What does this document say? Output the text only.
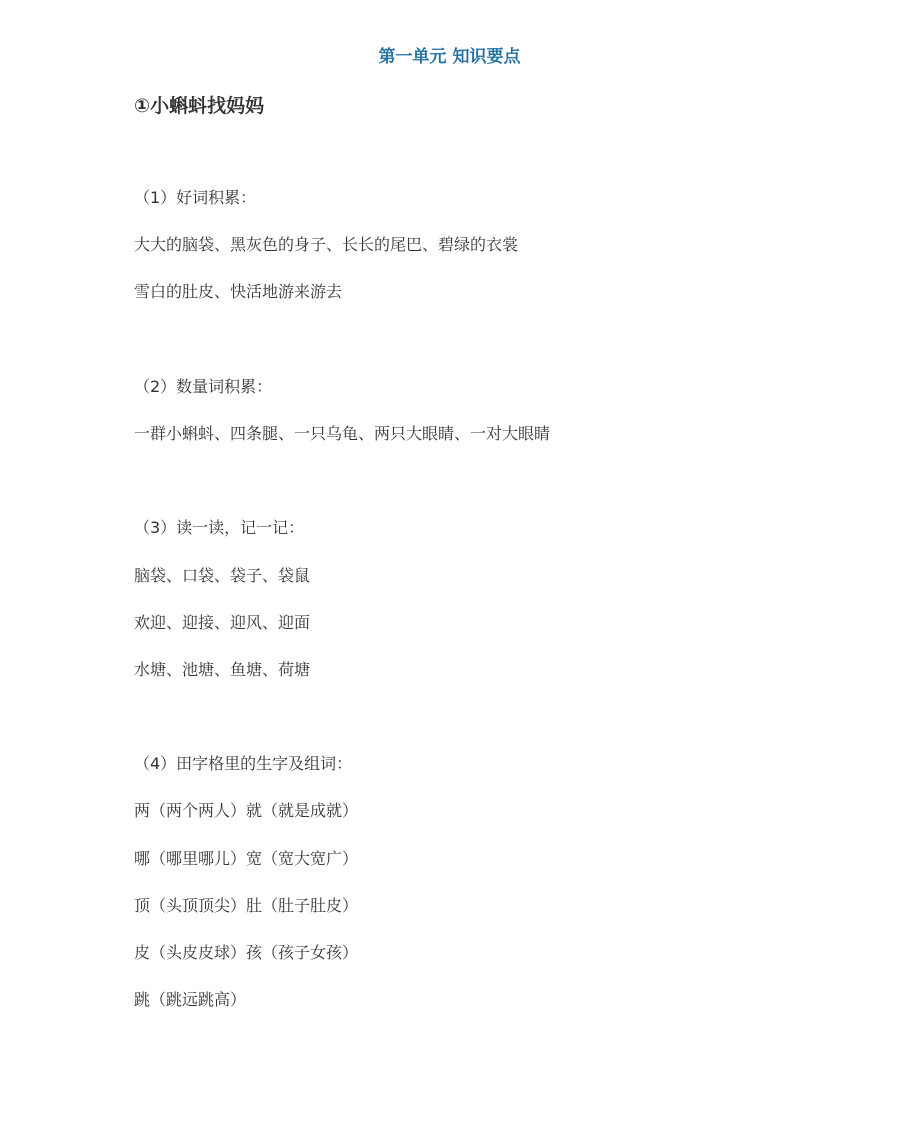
第一单元 知识要点
①小蝌蚪找妈妈
（1）好词积累：
大大的脑袋、黑灰色的身子、长长的尾巴、碧绿的衣裳
雪白的肚皮、快活地游来游去
（2）数量词积累：
一群小蝌蚪、四条腿、一只乌龟、两只大眼睛、一对大眼睛
（3）读一读，记一记：
脑袋、口袋、袋子、袋鼠
欢迎、迎接、迎风、迎面
水塘、池塘、鱼塘、荷塘
（4）田字格里的生字及组词：
两（两个两人）就（就是成就）
哪（哪里哪儿）宽（宽大宽广）
顶（头顶顶尖）肚（肚子肚皮）
皮（头皮皮球）孩（孩子女孩）
跳（跳远跳高）
